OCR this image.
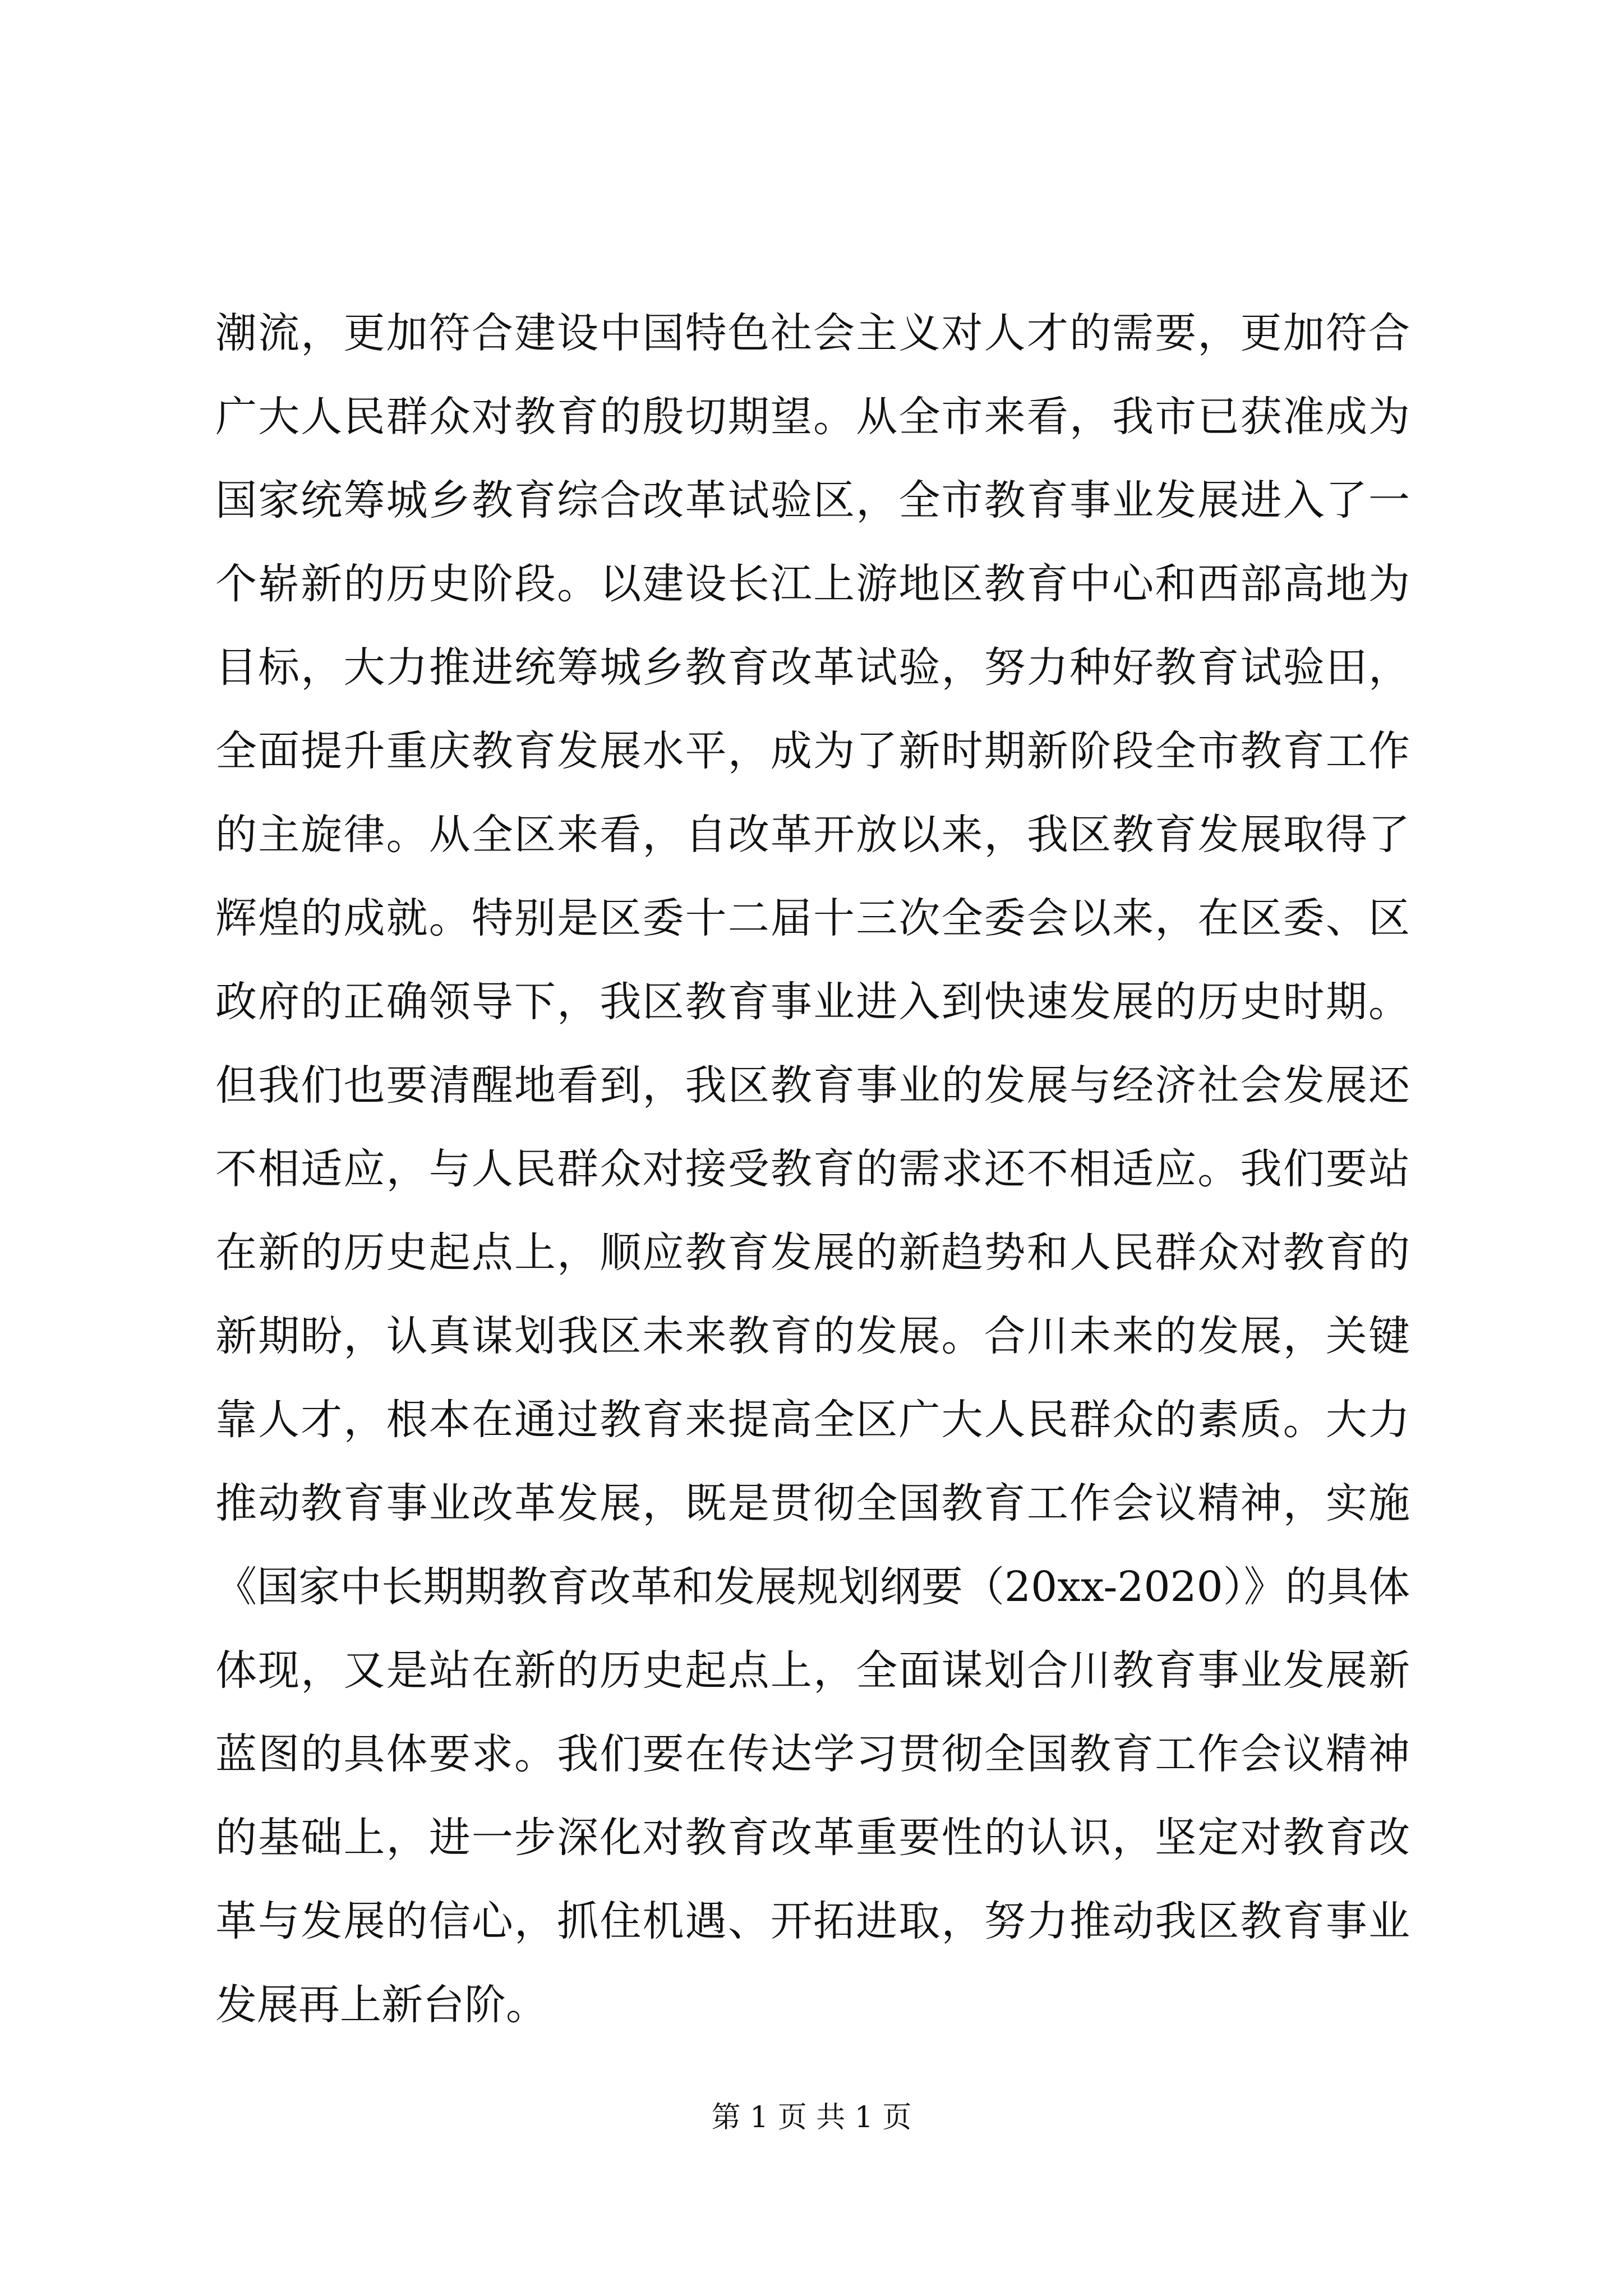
潮流，更加符合建设中国特色社会主义对人才的需要，更加符合
广大人民群众对教育的殷切期望。从全市来看，我市已获准成为
国家统筹城乡教育综合改革试验区，全市教育事业发展进入了一
个崭新的历史阶段。以建设长江上游地区教育中心和西部高地为
目标，大力推进统筹城乡教育改革试验，努力种好教育试验田，
全面提升重庆教育发展水平，成为了新时期新阶段全市教育工作
的主旋律。从全区来看，自改革开放以来，我区教育发展取得了
辉煌的成就。特别是区委十二届十三次全委会以来，在区委、区
政府的正确领导下，我区教育事业进入到快速发展的历史时期。
但我们也要清醒地看到，我区教育事业的发展与经济社会发展还
不相适应，与人民群众对接受教育的需求还不相适应。我们要站
在新的历史起点上，顺应教育发展的新趋势和人民群众对教育的
新期盼，认真谋划我区未来教育的发展。合川未来的发展，关键
靠人才，根本在通过教育来提高全区广大人民群众的素质。大力
推动教育事业改革发展，既是贯彻全国教育工作会议精神，实施
《国家中长期期教育改革和发展规划纲要（20xx-2020）》的具体
体现，又是站在新的历史起点上，全面谋划合川教育事业发展新
蓝图的具体要求。我们要在传达学习贯彻全国教育工作会议精神
的基础上，进一步深化对教育改革重要性的认识，坚定对教育改
革与发展的信心，抓住机遇、开拓进取，努力推动我区教育事业
发展再上新台阶。
第 1 页 共 1 页
